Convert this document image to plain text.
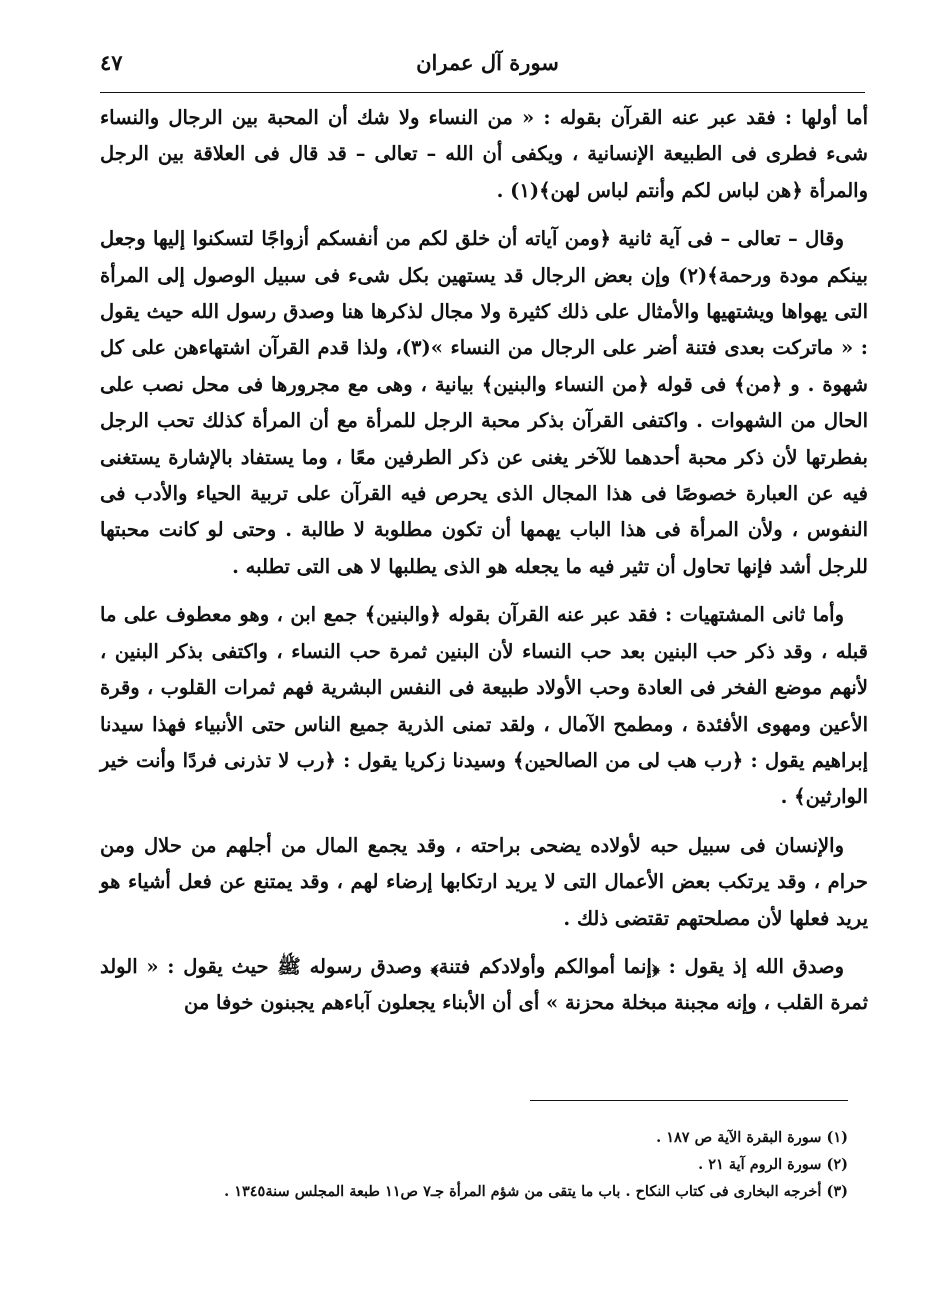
سورة آل عمران
٤٧

أما أولها : فقد عبر عنه القرآن بقوله : « من النساء ولا شك أن المحبة بين الرجال والنساء شىء فطرى فى الطبيعة الإنسانية ، ويكفى أن الله – تعالى – قد قال فى العلاقة بين الرجل والمرأة ﴿هن لباس لكم وأنتم لباس لهن﴾(١) .

وقال – تعالى – فى آية ثانية ﴿ومن آياته أن خلق لكم من أنفسكم أزواجًا لتسكنوا إليها وجعل بينكم مودة ورحمة﴾(٢) وإن بعض الرجال قد يستهين بكل شىء فى سبيل الوصول إلى المرأة التى يهواها ويشتهيها والأمثال على ذلك كثيرة ولا مجال لذكرها هنا وصدق رسول الله حيث يقول : « ماتركت بعدى فتنة أضر على الرجال من النساء »(٣)، ولذا قدم القرآن اشتهاءهن على كل شهوة . و ﴿من﴾ فى قوله ﴿من النساء والبنين﴾ بيانية ، وهى مع مجرورها فى محل نصب على الحال من الشهوات . واكتفى القرآن بذكر محبة الرجل للمرأة مع أن المرأة كذلك تحب الرجل بفطرتها لأن ذكر محبة أحدهما للآخر يغنى عن ذكر الطرفين معًا ، وما يستفاد بالإشارة يستغنى فيه عن العبارة خصوصًا فى هذا المجال الذى يحرص فيه القرآن على تربية الحياء والأدب فى النفوس ، ولأن المرأة فى هذا الباب يهمها أن تكون مطلوبة لا طالبة . وحتى لو كانت محبتها للرجل أشد فإنها تحاول أن تثير فيه ما يجعله هو الذى يطلبها لا هى التى تطلبه .

وأما ثانى المشتهيات : فقد عبر عنه القرآن بقوله ﴿والبنين﴾ جمع ابن ، وهو معطوف على ما قبله ، وقد ذكر حب البنين بعد حب النساء لأن البنين ثمرة حب النساء ، واكتفى بذكر البنين ، لأنهم موضع الفخر فى العادة وحب الأولاد طبيعة فى النفس البشرية فهم ثمرات القلوب ، وقرة الأعين ومهوى الأفئدة ، ومطمح الآمال ، ولقد تمنى الذرية جميع الناس حتى الأنبياء فهذا سيدنا إبراهيم يقول : ﴿رب هب لى من الصالحين﴾ وسيدنا زكريا يقول : ﴿رب لا تذرنى فردًا وأنت خير الوارثين﴾ .

والإنسان فى سبيل حبه لأولاده يضحى براحته ، وقد يجمع المال من أجلهم من حلال ومن حرام ، وقد يرتكب بعض الأعمال التى لا يريد ارتكابها إرضاء لهم ، وقد يمتنع عن فعل أشياء هو يريد فعلها لأن مصلحتهم تقتضى ذلك .

وصدق الله إذ يقول : ﴿إنما أموالكم وأولادكم فتنة﴾ وصدق رسوله ﷺ حيث يقول : « الولد ثمرة القلب ، وإنه مجبنة مبخلة محزنة » أى أن الأبناء يجعلون آباءهم يجبنون خوفا من

(١) سورة البقرة الآية ص ١٨٧ .
(٢) سورة الروم آية ٢١ .
(٣) أخرجه البخارى فى كتاب النكاح . باب ما يتقى من شؤم المرأة جـ٧ ص١١ طبعة المجلس سنة١٣٤٥ .
